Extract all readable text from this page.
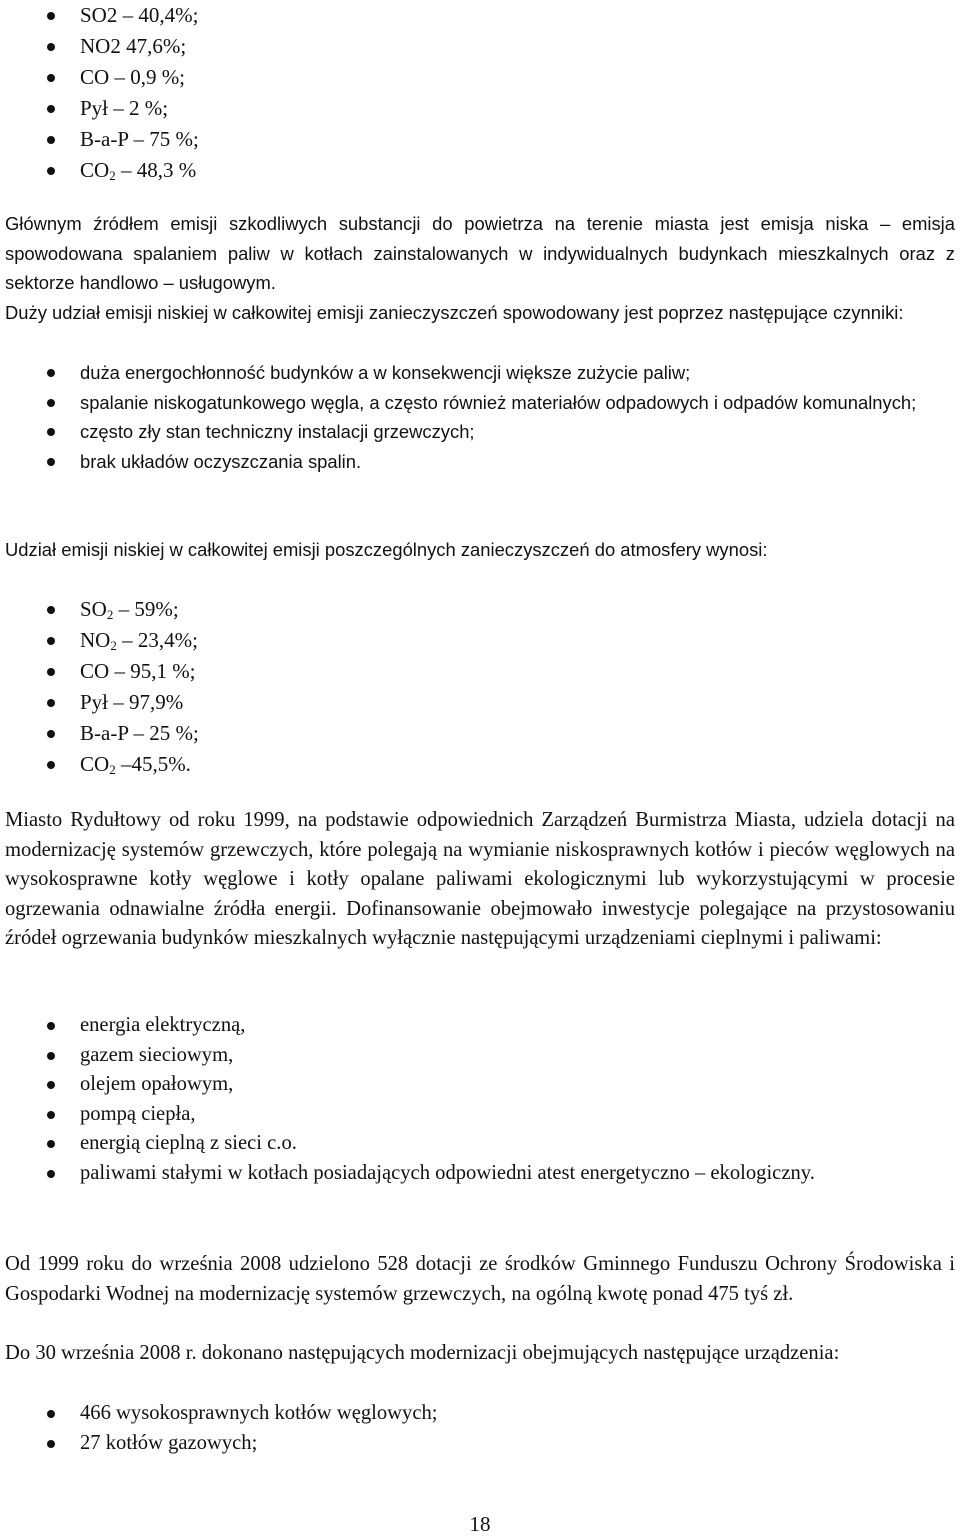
SO2 – 40,4%;
NO2 47,6%;
CO – 0,9 %;
Pył – 2 %;
B-a-P – 75 %;
$CO_2 - 48,3$ %

Głównym źródłem emisji szkodliwych substancji do powietrza na terenie miasta jest emisja niska – emisja spowodowana spalaniem paliw w kotłach zainstalowanych w indywidualnych budynkach mieszkalnych oraz z sektorze handlowo – usługowym.

Duży udział emisji niskiej w całkowitej emisji zanieczyszczeń spowodowany jest poprzez następujące czynniki:

duża energochłonność budynków a w konsekwencji większe zużycie paliw;
spalanie niskogatunkowego węgla, a często również materiałów odpadowych i odpadów komunalnych;
często zły stan techniczny instalacji grzewczych;
brak układów oczyszczania spalin.

Udział emisji niskiej w całkowitej emisji poszczególnych zanieczyszczeń do atmosfery wynosi:

$SO_2 - 59\%$;
$NO_2 - 23,4\%$;
CO – 95,1 %;
Pył – 97,9%
B-a-P – 25 %;
$CO_2$ –45,5%.

Miasto Rydułtowy od roku 1999, na podstawie odpowiednich Zarządzeń Burmistrza Miasta, udziela dotacji na modernizację systemów grzewczych, które polegają na wymianie niskosprawnych kotłów i pieców węglowych na wysokosprawne kotły węglowe i kotły opalane paliwami ekologicznymi lub wykorzystującymi w procesie ogrzewania odnawialne źródła energii. Dofinansowanie obejmowało inwestycje polegające na przystosowaniu źródeł ogrzewania budynków mieszkalnych wyłącznie następującymi urządzeniami cieplnymi i paliwami:

energia elektryczną,
gazem sieciowym,
olejem opałowym,
pompą ciepła,
energią cieplną z sieci c.o.
paliwami stałymi w kotłach posiadających odpowiedni atest energetyczno – ekologiczny.

Od 1999 roku do września 2008 udzielono 528 dotacji ze środków Gminnego Funduszu Ochrony Środowiska i Gospodarki Wodnej na modernizację systemów grzewczych, na ogólną kwotę ponad 475 tyś zł.

Do 30 września 2008 r. dokonano następujących modernizacji obejmujących następujące urządzenia:

466 wysokosprawnych kotłów węglowych;
27 kotłów gazowych;
18
